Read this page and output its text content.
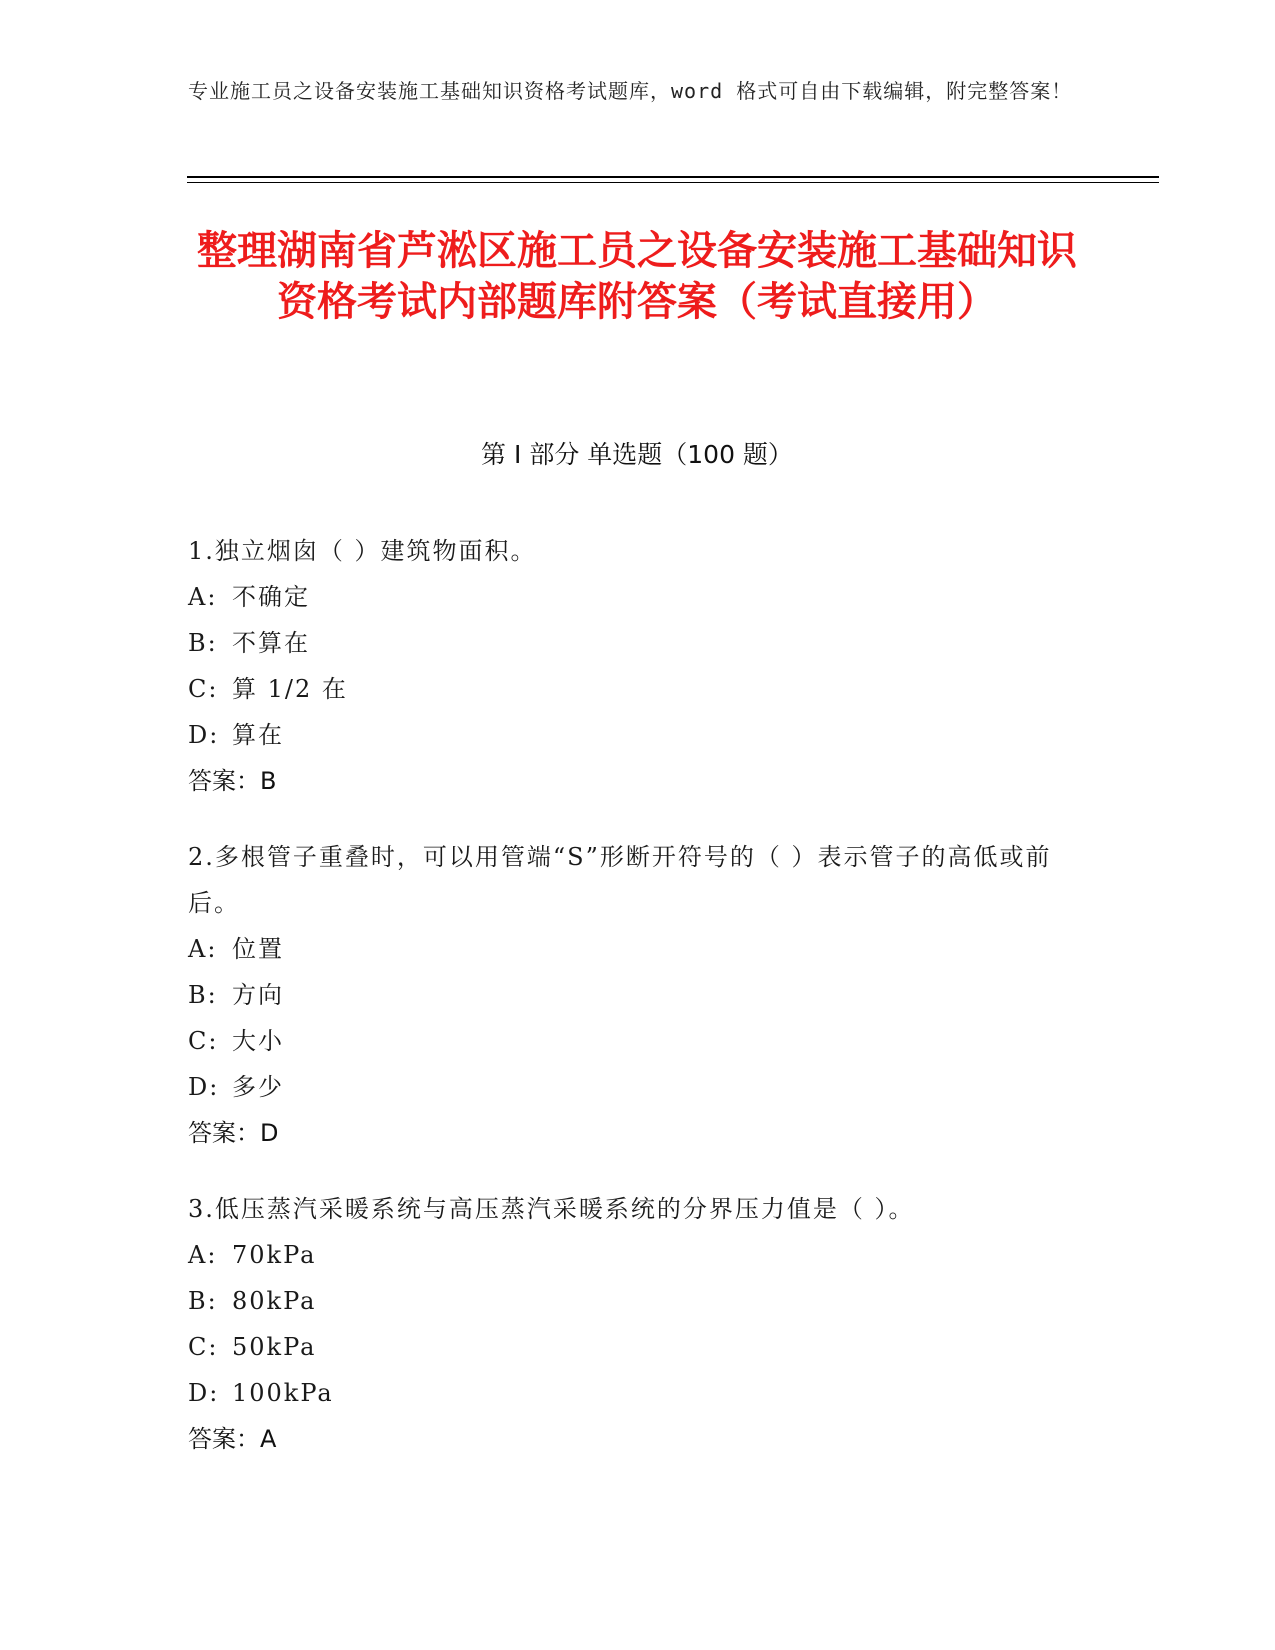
专业施工员之设备安装施工基础知识资格考试题库，word 格式可自由下载编辑，附完整答案！
整理湖南省芦淞区施工员之设备安装施工基础知识资格考试内部题库附答案（考试直接用）
第 I 部分 单选题（100 题）
1.独立烟囱（ ）建筑物面积。
A: 不确定
B: 不算在
C: 算 1/2 在
D: 算在
答案：B
2.多根管子重叠时，可以用管端“S”形断开符号的（ ）表示管子的高低或前后。
A: 位置
B: 方向
C: 大小
D: 多少
答案：D
3.低压蒸汽采暖系统与高压蒸汽采暖系统的分界压力值是（ ）。
A: 70kPa
B: 80kPa
C: 50kPa
D: 100kPa
答案：A
